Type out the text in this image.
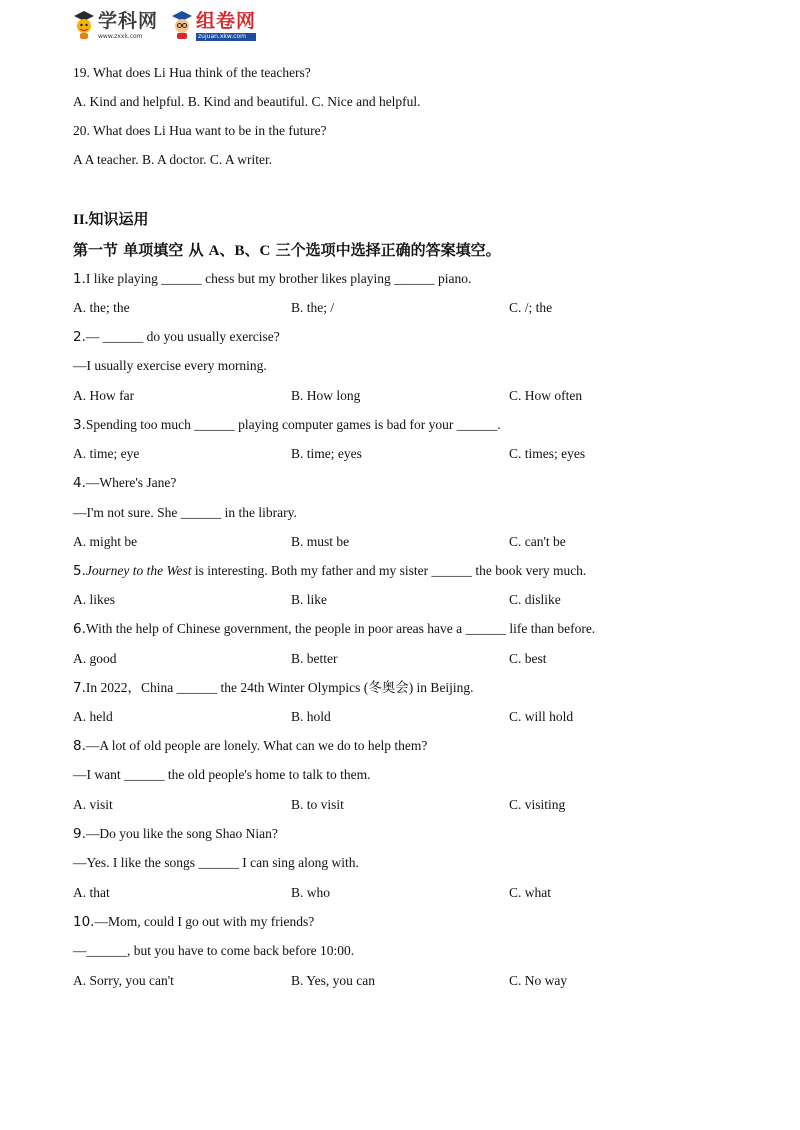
学科网
www.zxxk.com
组卷网
zujuan.xkw.com
19. What does Li Hua think of the teachers?
A. Kind and helpful. B. Kind and beautiful. C. Nice and helpful.
20. What does Li Hua want to be in the future?
A A teacher. B. A doctor. C. A writer.
II.知识运用
第一节 单项填空 从 A、B、C 三个选项中选择正确的答案填空。
1.I like playing ______ chess but my brother likes playing ______ piano.
A. the; the	B. the; /	C. /; the
2.— ______ do you usually exercise?
—I usually exercise every morning.
A. How far	B. How long	C. How often
3.Spending too much ______ playing computer games is bad for your ______.
A. time; eye	B. time; eyes	C. times; eyes
4.—Where's Jane?
—I'm not sure. She ______ in the library.
A. might be	B. must be	C. can't be
5.Journey to the West is interesting. Both my father and my sister ______ the book very much.
A. likes	B. like	C. dislike
6.With the help of Chinese government, the people in poor areas have a ______ life than before.
A. good	B. better	C. best
7.In 2022，China ______ the 24th Winter Olympics (冬奥会) in Beijing.
A. held	B. hold	C. will hold
8.—A lot of old people are lonely. What can we do to help them?
—I want ______ the old people's home to talk to them.
A. visit	B. to visit	C. visiting
9.—Do you like the song Shao Nian?
—Yes. I like the songs ______ I can sing along with.
A. that	B. who	C. what
10.—Mom, could I go out with my friends?
—______, but you have to come back before 10:00.
A. Sorry, you can't	B. Yes, you can	C. No way
